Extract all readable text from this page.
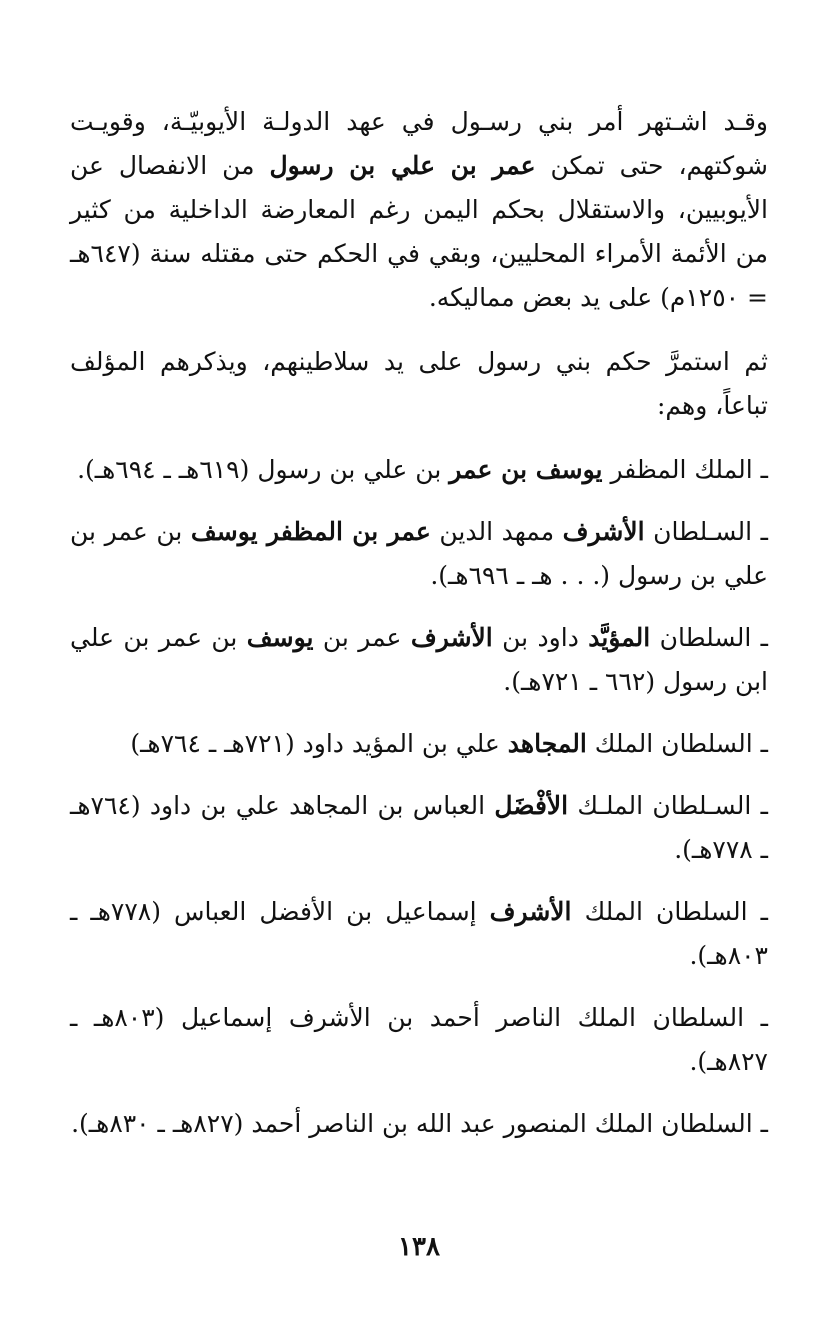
وقـد اشـتهر أمر بني رسـول في عهد الدولـة الأيوبيّـة، وقويـت شوكتهم، حتى تمكن عمر بن علي بن رسول من الانفصال عن الأيوبيين، والاستقلال بحكم اليمن رغم المعارضة الداخلية من كثير من الأئمة الأمراء المحليين، وبقي في الحكم حتى مقتله سنة (٦٤٧هـ = ١٢٥٠م) على يد بعض مماليكه.

ثم استمرَّ حكم بني رسول على يد سلاطينهم، ويذكرهم المؤلف تباعاً، وهم:

ـ الملك المظفر يوسف بن عمر بن علي بن رسول (٦١٩هـ ـ ٦٩٤هـ).

ـ السـلطان الأشرف ممهد الدين عمر بن المظفر يوسف بن عمر بن علي بن رسول (. . . هـ ـ ٦٩٦هـ).

ـ السلطان المؤيَّد داود بن الأشرف عمر بن يوسف بن عمر بن علي ابن رسول (٦٦٢ ـ ٧٢١هـ).

ـ السلطان الملك المجاهد علي بن المؤيد داود (٧٢١هـ ـ ٧٦٤هـ)

ـ السـلطان الملـك الأفْضَل العباس بن المجاهد علي بن داود (٧٦٤هـ ـ ٧٧٨هـ).

ـ السلطان الملك الأشرف إسماعيل بن الأفضل العباس (٧٧٨هـ ـ ٨٠٣هـ).

ـ السلطان الملك الناصر أحمد بن الأشرف إسماعيل (٨٠٣هـ ـ ٨٢٧هـ).

ـ السلطان الملك المنصور عبد الله بن الناصر أحمد (٨٢٧هـ ـ ٨٣٠هـ).

١٣٨
